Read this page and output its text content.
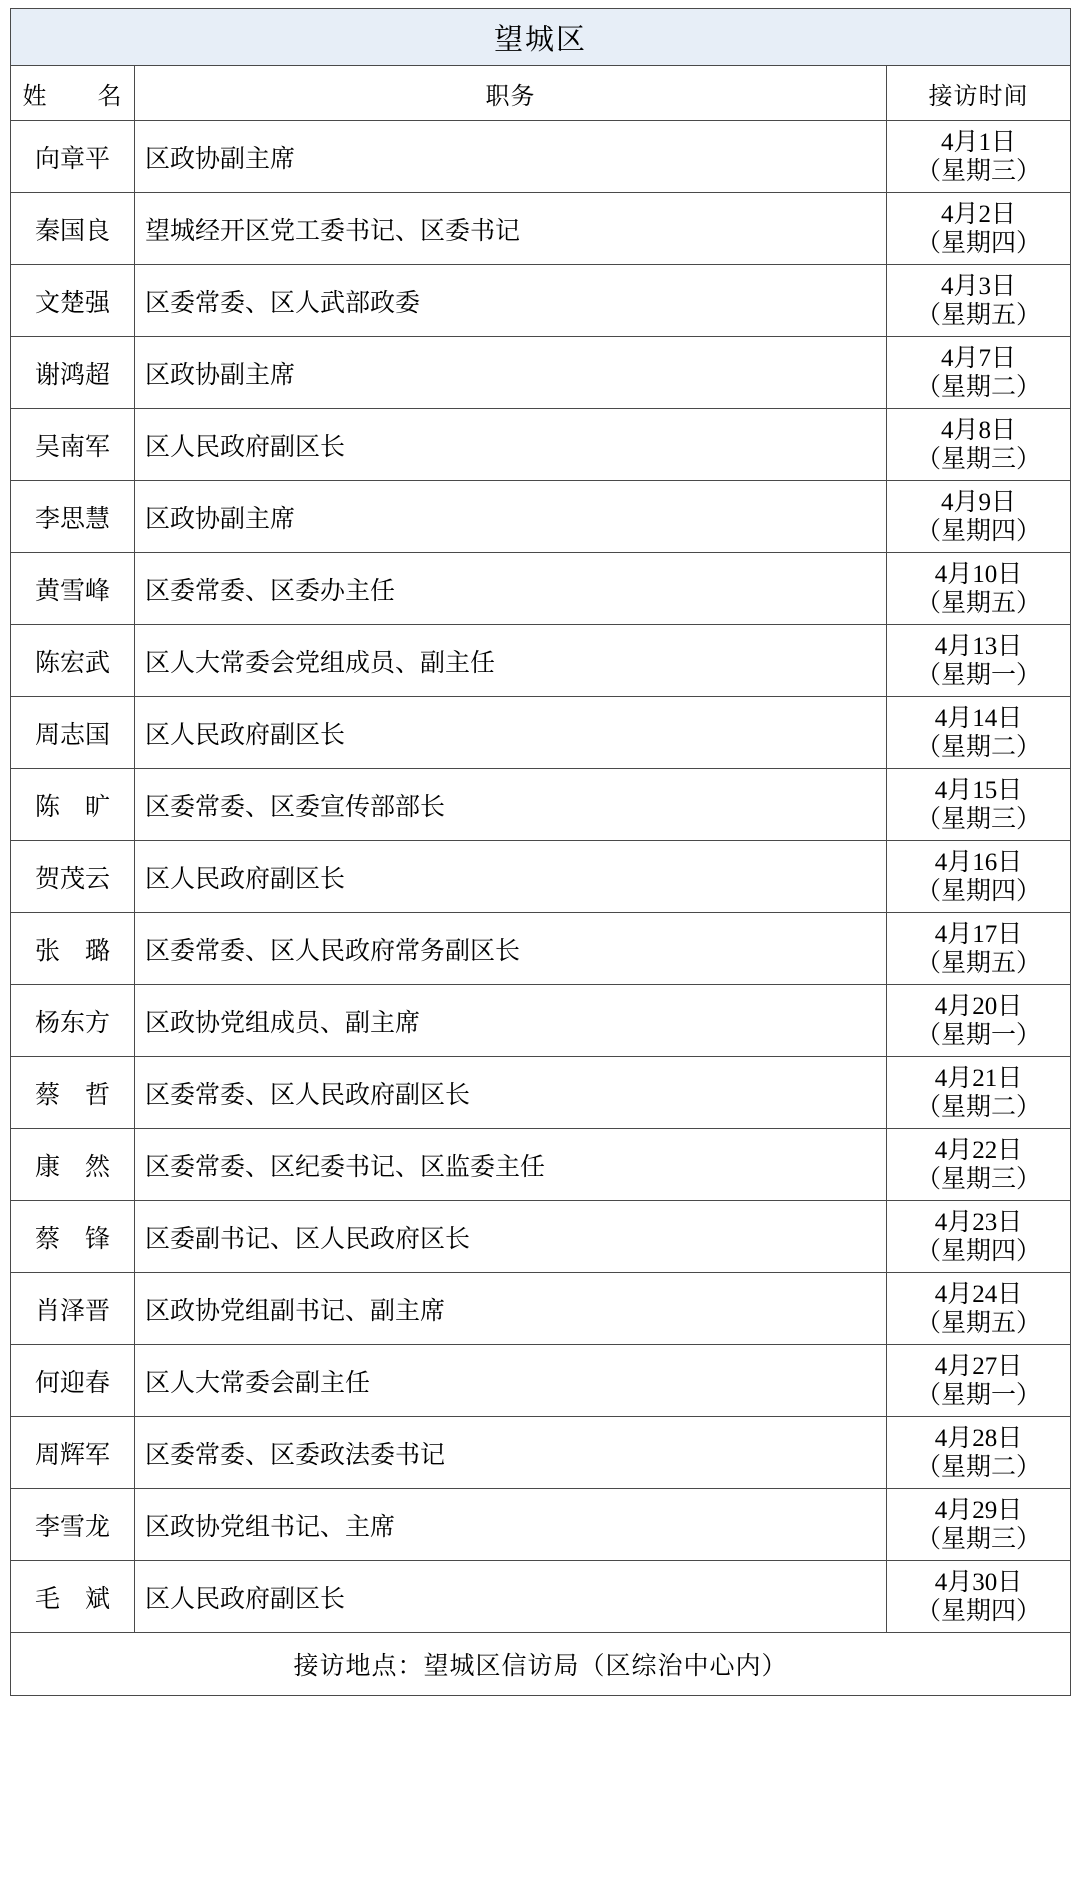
望城区		
姓　　名	职务	接访时间
向章平	区政协副主席	4月1日
（星期三）

秦国良	望城经开区党工委书记、区委书记	4月2日
（星期四）

文楚强	区委常委、区人武部政委	4月3日
（星期五）

谢鸿超	区政协副主席	4月7日
（星期二）

吴南军	区人民政府副区长	4月8日
（星期三）

李思慧	区政协副主席	4月9日
（星期四）

黄雪峰	区委常委、区委办主任	4月10日
（星期五）

陈宏武	区人大常委会党组成员、副主任	4月13日
（星期一）

周志国	区人民政府副区长	4月14日
（星期二）

陈　旷	区委常委、区委宣传部部长	4月15日
（星期三）

贺茂云	区人民政府副区长	4月16日
（星期四）

张　璐	区委常委、区人民政府常务副区长	4月17日
（星期五）

杨东方	区政协党组成员、副主席	4月20日
（星期一）

蔡　哲	区委常委、区人民政府副区长	4月21日
（星期二）

康　然	区委常委、区纪委书记、区监委主任	4月22日
（星期三）

蔡　锋	区委副书记、区人民政府区长	4月23日
（星期四）

肖泽晋	区政协党组副书记、副主席	4月24日
（星期五）

何迎春	区人大常委会副主任	4月27日
（星期一）

周辉军	区委常委、区委政法委书记	4月28日
（星期二）

李雪龙	区政协党组书记、主席	4月29日
（星期三）

毛　斌	区人民政府副区长	4月30日
（星期四）

接访地点：望城区信访局（区综治中心内）		
